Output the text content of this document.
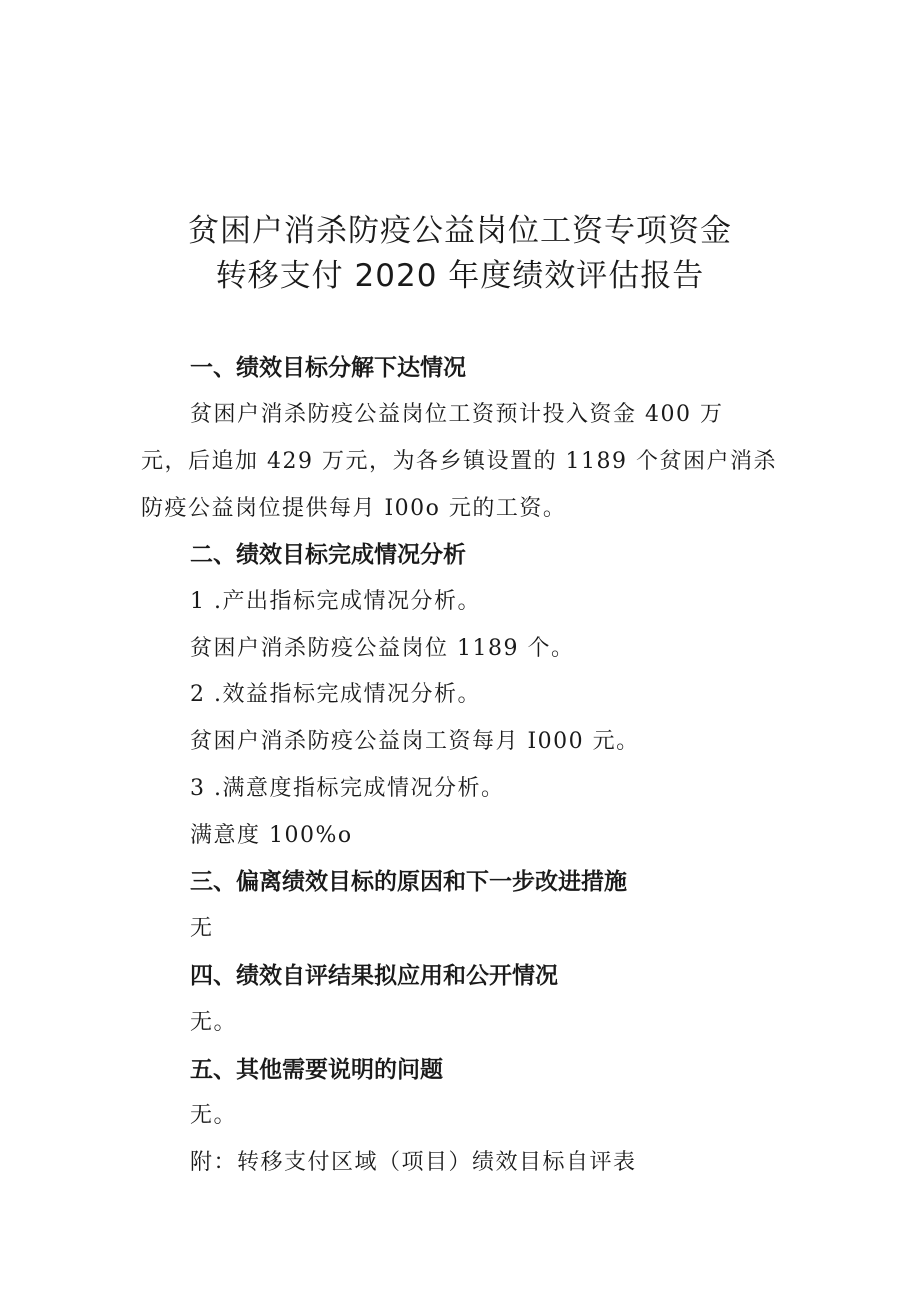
贫困户消杀防疫公益岗位工资专项资金
转移支付 2020 年度绩效评估报告
一、绩效目标分解下达情况
贫困户消杀防疫公益岗位工资预计投入资金 400 万
元，后追加 429 万元，为各乡镇设置的 1189 个贫困户消杀
防疫公益岗位提供每月 I00o 元的工资。
二、绩效目标完成情况分析
1 .产出指标完成情况分析。
贫困户消杀防疫公益岗位 1189 个。
2 .效益指标完成情况分析。
贫困户消杀防疫公益岗工资每月 I000 元。
3 .满意度指标完成情况分析。
满意度 100%o
三、偏离绩效目标的原因和下一步改进措施
无
四、绩效自评结果拟应用和公开情况
无。
五、其他需要说明的问题
无。
附：转移支付区域（项目）绩效目标自评表
